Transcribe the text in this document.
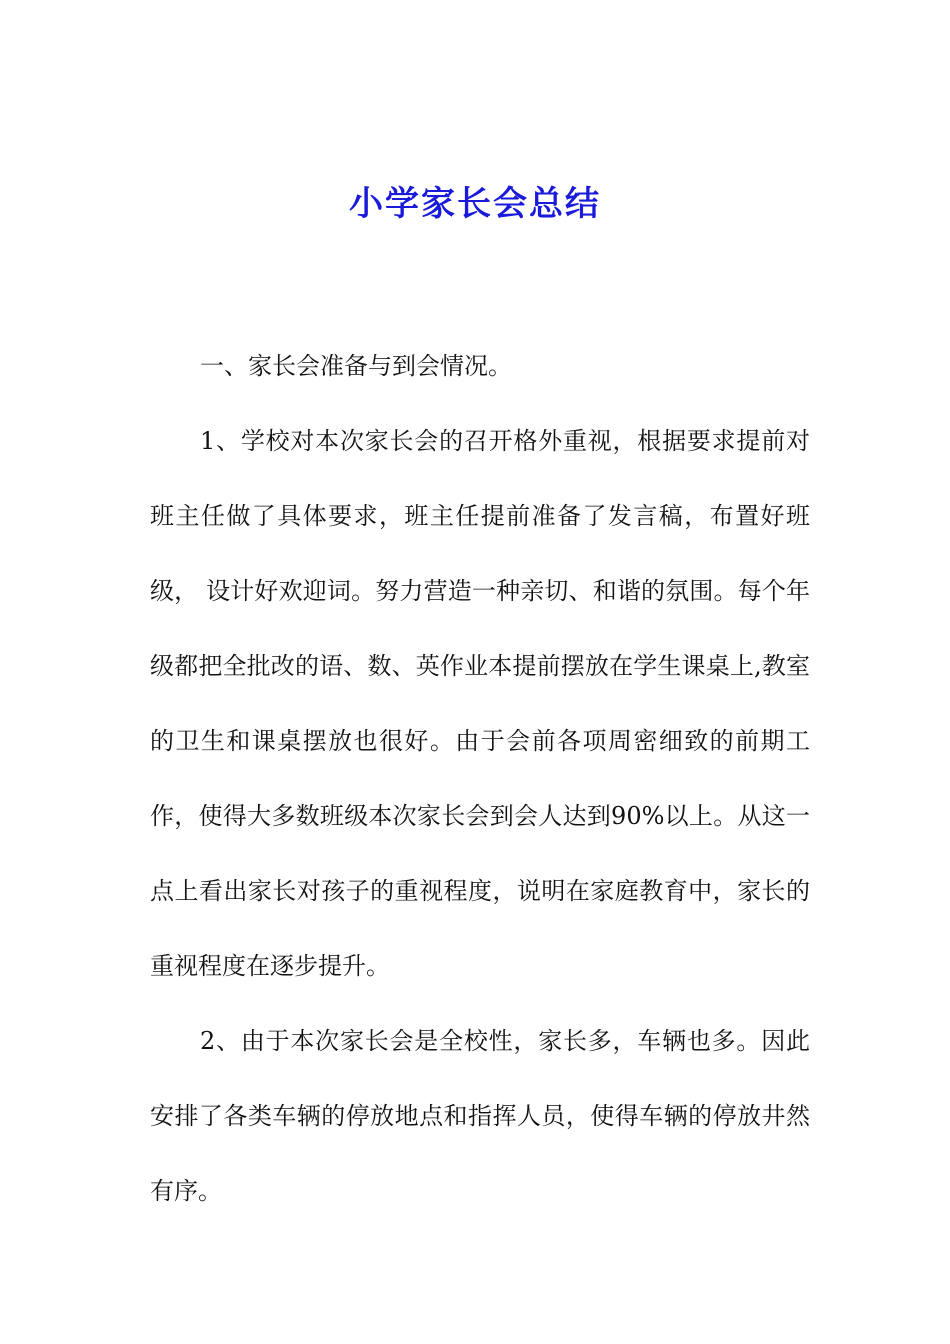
小学家长会总结

一、家长会准备与到会情况。

1、学校对本次家长会的召开格外重视，根据要求提前对班主任做了具体要求，班主任提前准备了发言稿，布置好班级， 设计好欢迎词。努力营造一种亲切、和谐的氛围。每个年级都把全批改的语、数、英作业本提前摆放在学生课桌上,教室的卫生和课桌摆放也很好。由于会前各项周密细致的前期工作，使得大多数班级本次家长会到会人达到90%以上。从这一点上看出家长对孩子的重视程度，说明在家庭教育中，家长的重视程度在逐步提升。

2、由于本次家长会是全校性，家长多，车辆也多。因此安排了各类车辆的停放地点和指挥人员，使得车辆的停放井然有序。
